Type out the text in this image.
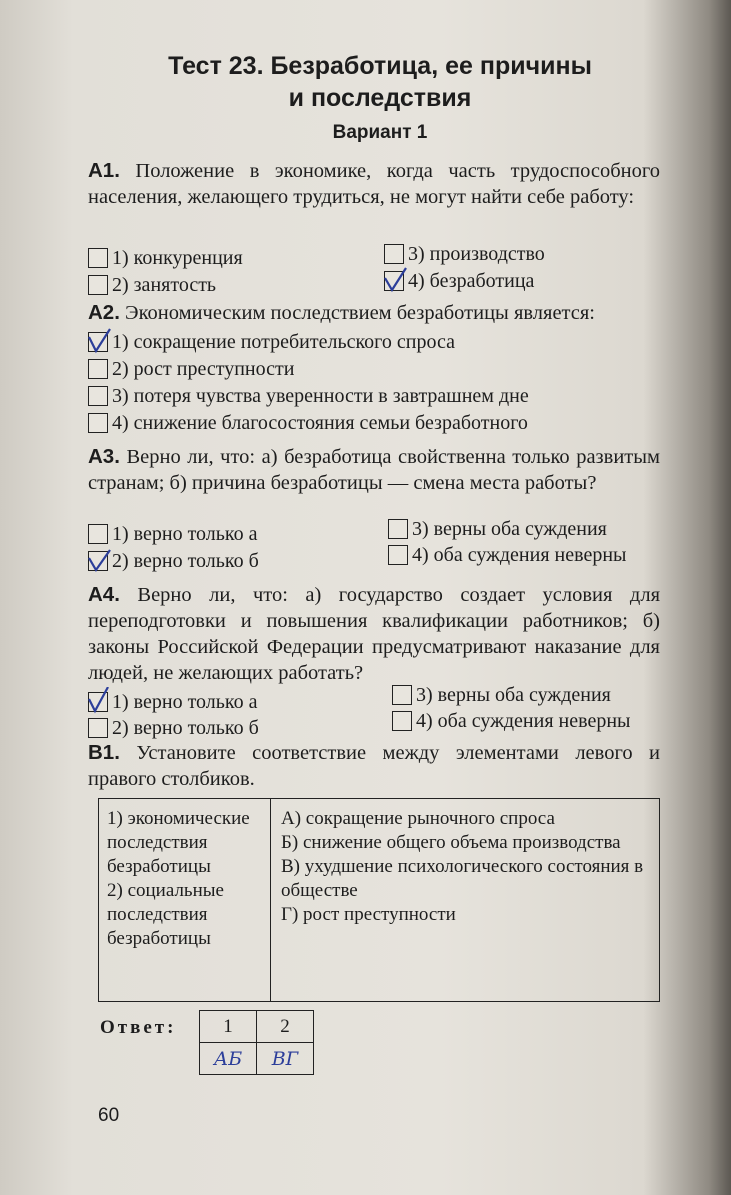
Тест 23. Безработица, ее причины
и последствия
Вариант 1
А1. Положение в экономике, когда часть трудоспособного населения, желающего трудиться, не могут найти себе работу:
1) конкуренция
2) занятость
3) производство
4) безработица
А2. Экономическим последствием безработицы является:
1) сокращение потребительского спроса
2) рост преступности
3) потеря чувства уверенности в завтрашнем дне
4) снижение благосостояния семьи безработного
А3. Верно ли, что: а) безработица свойственна только развитым странам; б) причина безработицы — смена места работы?
1) верно только а
2) верно только б
3) верны оба суждения
4) оба суждения неверны
А4. Верно ли, что: а) государство создает условия для переподготовки и повышения квалификации работников; б) законы Российской Федерации предусматривают наказание для людей, не желающих работать?
1) верно только а
2) верно только б
3) верны оба суждения
4) оба суждения неверны
В1. Установите соответствие между элементами левого и правого столбиков.
1) экономические последствия безработицы
2) социальные последствия безработицы
А) сокращение рыночного спроса
Б) снижение общего объема производства
В) ухудшение психологического состояния в обществе
Г) рост преступности
Ответ: 1	2
АБ	ВГ
60
